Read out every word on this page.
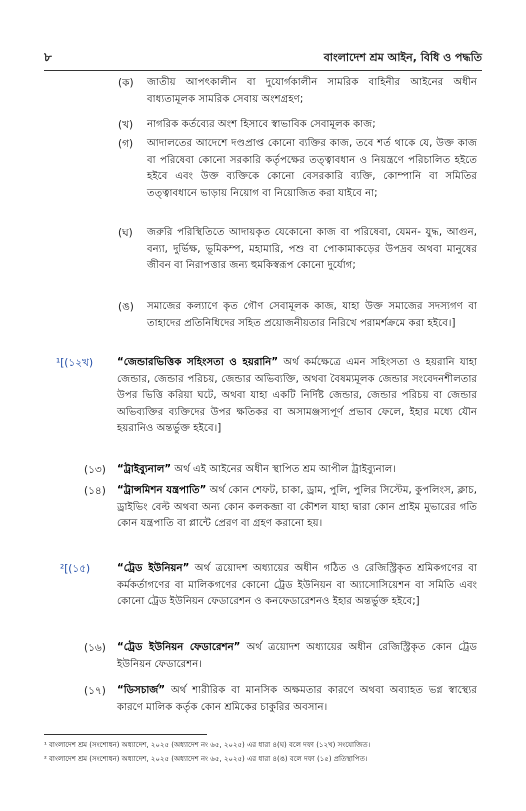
৮	বাংলাদেশ শ্রম আইন, বিধি ও পদ্ধতি
(ক) জাতীয় আপৎকালীন বা দুযোর্গকালীন সামরিক বাহিনীর আইনের অধীন বাধ্যতামূলক সামরিক সেবায় অংশগ্রহণ;
(খ) নাগরিক কর্তব্যের অংশ হিসাবে স্বাভাবিক সেবামূলক কাজ;
(গ) আদালতের আদেশে দণ্ডপ্রাপ্ত কোনো ব্যক্তির কাজ, তবে শর্ত থাকে যে, উক্ত কাজ বা পরিষেবা কোনো সরকারি কর্তৃপক্ষের তত্ত্বাবধান ও নিয়ন্ত্রণে পরিচালিত হইতে হইবে এবং উক্ত ব্যক্তিকে কোনো বেসরকারি ব্যক্তি, কোম্পানি বা সমিতির তত্ত্বাবধানে ভাড়ায় নিয়োগ বা নিয়োজিত করা যাইবে না;
(ঘ) জরুরি পরিস্থিতিতে আদায়কৃত যেকোনো কাজ বা পরিষেবা, যেমন- যুদ্ধ, আগুন, বন্যা, দুর্ভিক্ষ, ভূমিকম্প, মহামারি, পশু বা পোকামাকড়ের উপদ্রব অথবা মানুষের জীবন বা নিরাপত্তার জন্য হুমকিস্বরূপ কোনো দুর্যোগ;
(ঙ) সমাজের কল্যাণে কৃত গৌণ সেবামূলক কাজ, যাহা উক্ত সমাজের সদস্যগণ বা তাহাদের প্রতিনিধিদের সহিত প্রয়োজনীয়তার নিরিখে পরামর্শক্রমে করা হইবে।]
¹[(১২খ) “জেন্ডারভিত্তিক সহিংসতা ও হয়রানি” অর্থ কর্মক্ষেত্রে এমন সহিংসতা ও হয়রানি যাহা জেন্ডার, জেন্ডার পরিচয়, জেন্ডার অভিব্যক্তি, অথবা বৈষম্যমূলক জেন্ডার সংবেদনশীলতার উপর ভিত্তি করিয়া ঘটে, অথবা যাহা একটি নির্দিষ্ট জেন্ডার, জেন্ডার পরিচয় বা জেন্ডার অভিব্যক্তির ব্যক্তিদের উপর ক্ষতিকর বা অসামঞ্জস্যপূর্ণ প্রভাব ফেলে, ইহার মধ্যে যৌন হয়রানিও অন্তর্ভুক্ত হইবে।]
(১৩) “ট্রাইব্যুনাল” অর্থ এই আইনের অধীন স্থাপিত শ্রম আপীল ট্রাইব্যুনাল।
(১৪) “ট্রান্সমিশন যন্ত্রপাতি” অর্থ কোন শেফট, চাকা, ড্রাম, পুলি, পুলির সিস্টেম, কুপলিংস, ক্লাচ, ড্রাইভিং বেল্ট অথবা অন্য কোন কলকব্জা বা কৌশল যাহা দ্বারা কোন প্রাইম মুভারের গতি কোন যন্ত্রপাতি বা প্লান্টে প্রেরণ বা গ্রহণ করানো হয়।
²[(১৫)	“ট্রেড ইউনিয়ন” অর্থ ত্রয়োদশ অধ্যায়ের অধীন গঠিত ও রেজিস্ট্রিকৃত শ্রমিকগণের বা কর্মকর্তাগণের বা মালিকগণের কোনো ট্রেড ইউনিয়ন বা অ্যাসোসিয়েশন বা সমিতি এবং কোনো ট্রেড ইউনিয়ন ফেডারেশন ও কনফেডারেশনও ইহার অন্তর্ভুক্ত হইবে;]
(১৬) “ট্রেড ইউনিয়ন ফেডারেশন” অর্থ ত্রয়োদশ অধ্যায়ের অধীন রেজিস্ট্রিকৃত কোন ট্রেড ইউনিয়ন ফেডারেশন।
(১৭) “ডিসচার্জ” অর্থ শারীরিক বা মানসিক অক্ষমতার কারণে অথবা অব্যাহত ভগ্ন স্বাস্থ্যের কারণে মালিক কর্তৃক কোন শ্রমিকের চাকুরির অবসান।
¹ বাংলাদেশ শ্রম (সংশোধন) অধ্যাদেশ, ২০২৫ (অধ্যাদেশ নং ৬৫, ২০২৫) এর ধারা ৪(ঘ) বলে দফা (১২খ) সংযোজিত।
² বাংলাদেশ শ্রম (সংশোধন) অধ্যাদেশ, ২০২৫ (অধ্যাদেশ নং ৬৫, ২০২৫) এর ধারা ৪(ঙ) বলে দফা (১৫) প্রতিস্থাপিত।
